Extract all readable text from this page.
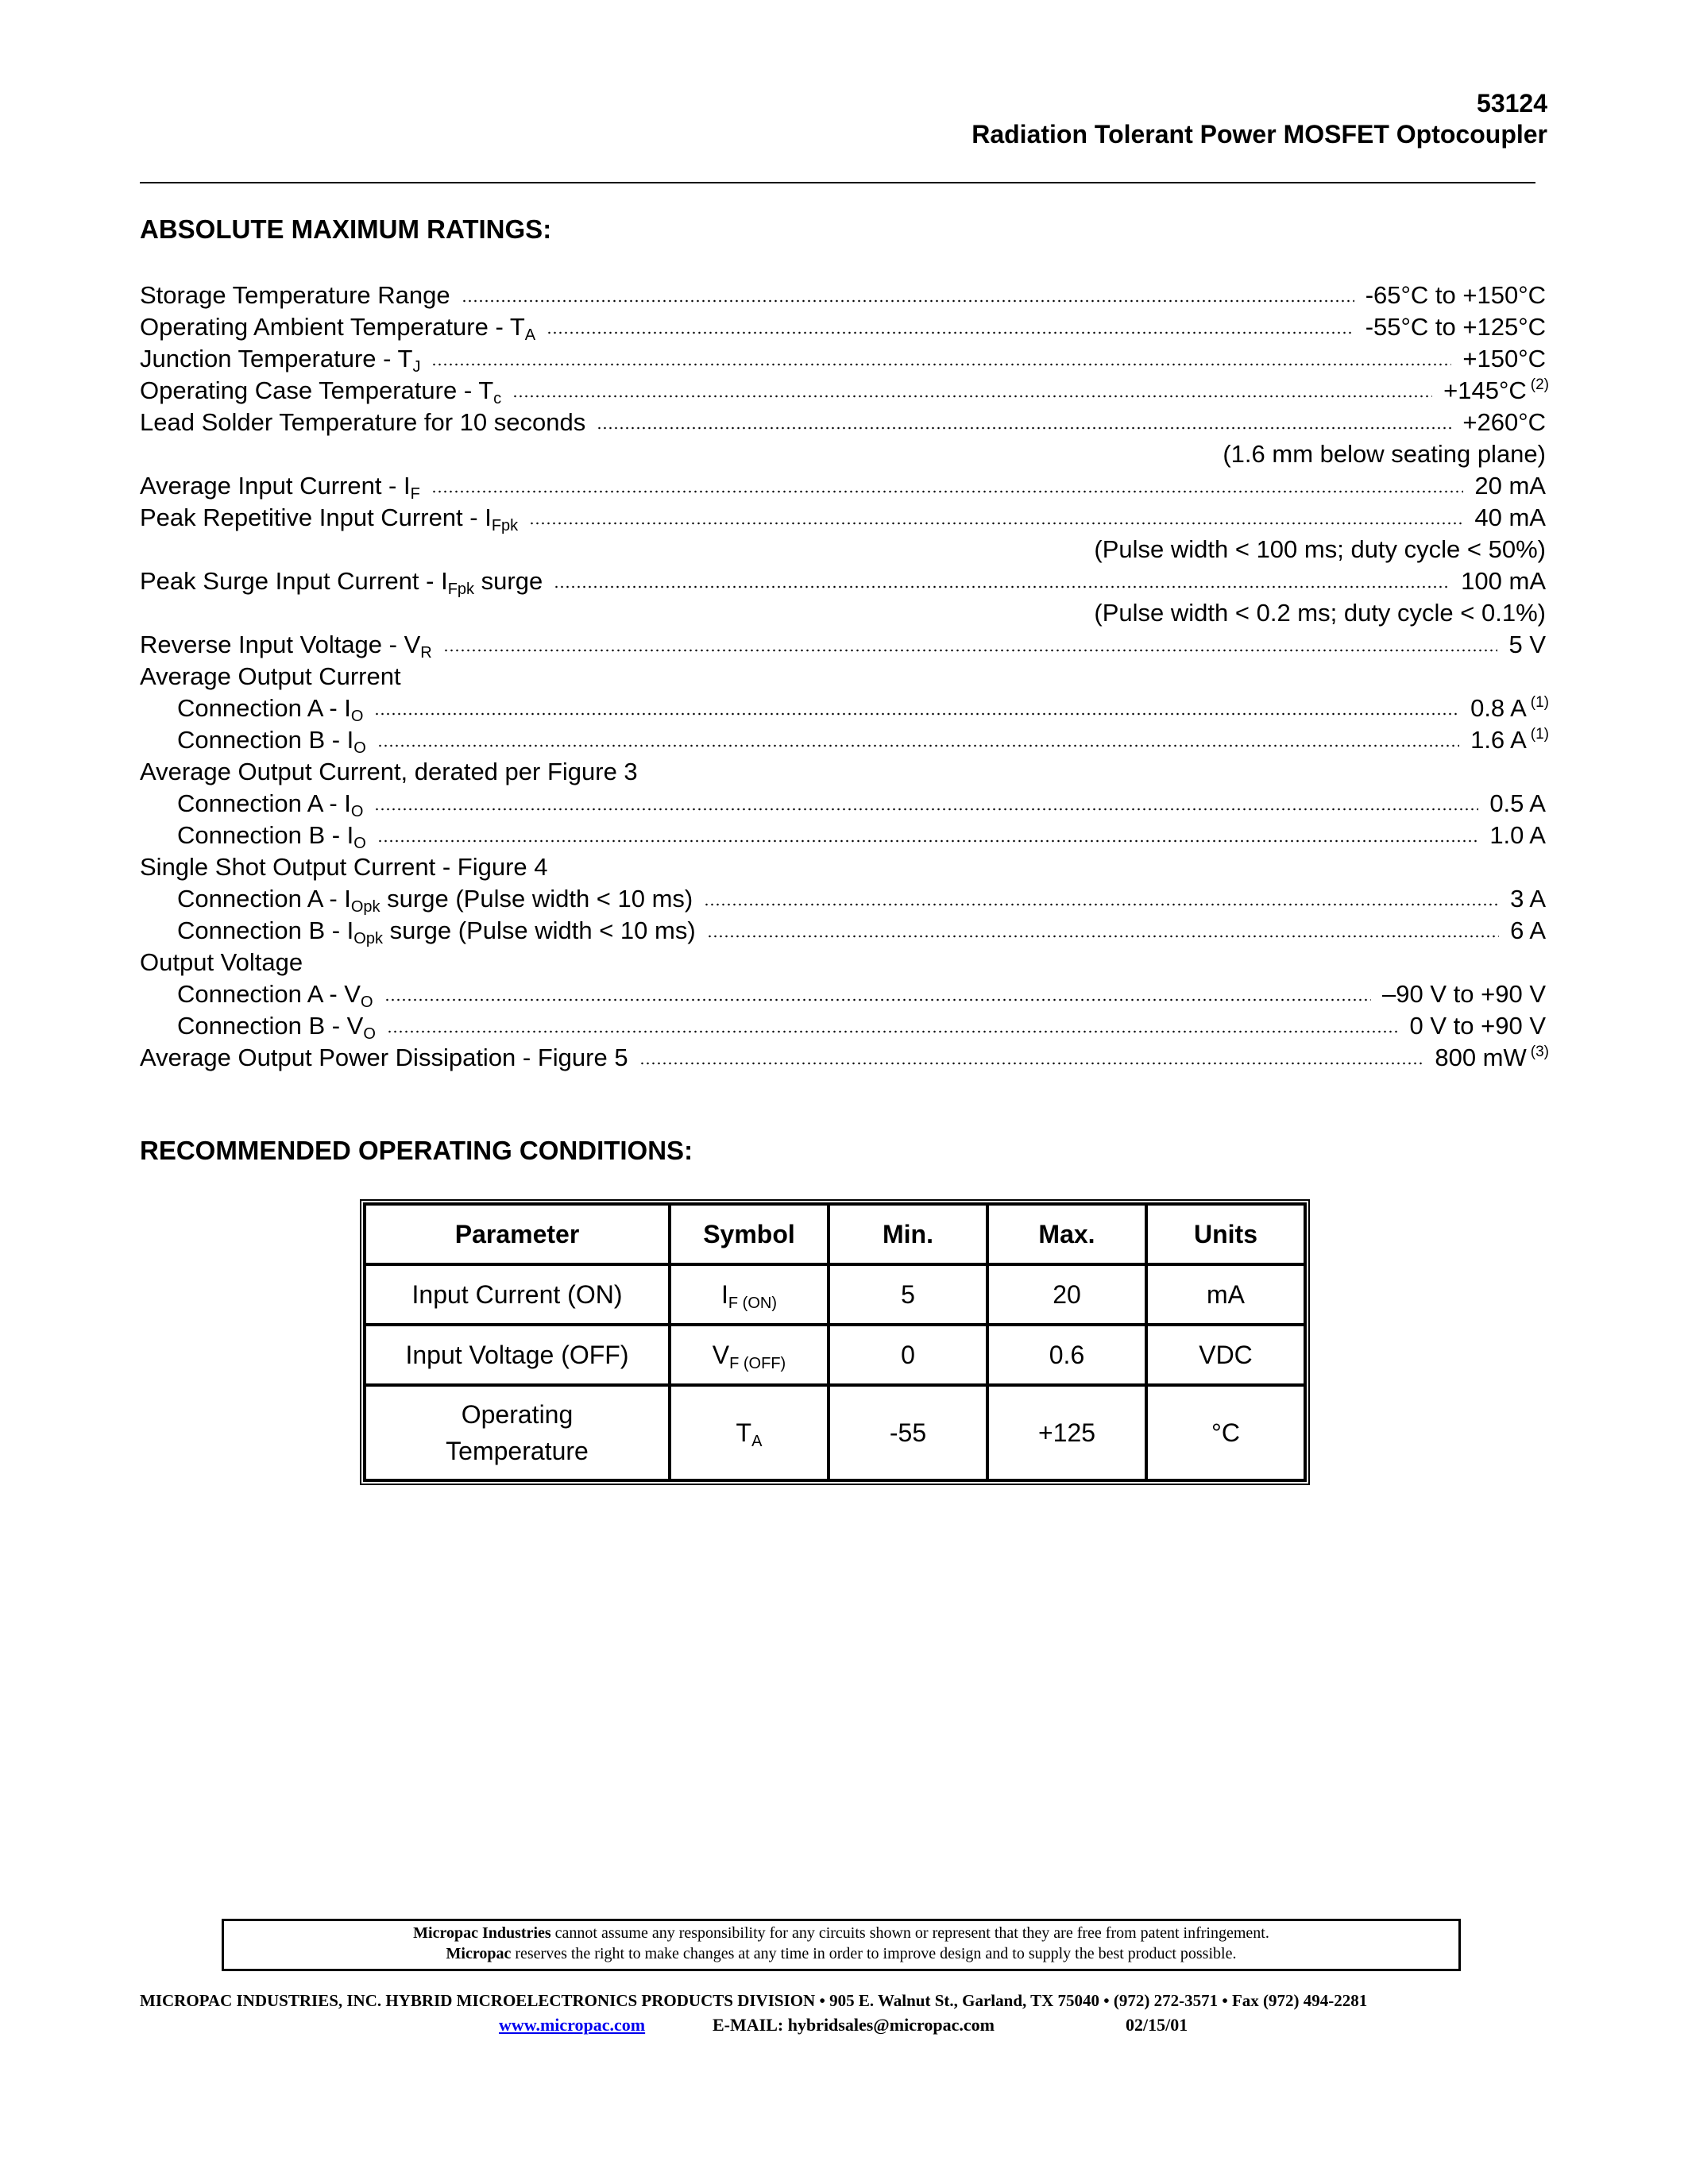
53124
Radiation Tolerant Power MOSFET Optocoupler
ABSOLUTE MAXIMUM RATINGS:
Storage Temperature Range	-65°C to +150°C
Operating Ambient Temperature - $T_A$	-55°C to +125°C
Junction Temperature - $T_J$	+150°C
Operating Case Temperature - $T_c$	+145°C $^{(2)}$
Lead Solder Temperature for 10 seconds	+260°C
(1.6 mm below seating plane)
Average Input Current - $I_F$	20 mA
Peak Repetitive Input Current - $I_{Fpk}$	40 mA
(Pulse width < 100 ms; duty cycle < 50%)
Peak Surge Input Current - $I_{Fpk}$ surge	100 mA
(Pulse width < 0.2 ms; duty cycle < 0.1%)
Reverse Input Voltage - $V_R$	5 V
Average Output Current
Connection A - $I_O$	0.8 A $^{(1)}$
Connection B - $I_O$	1.6 A $^{(1)}$
Average Output Current, derated per Figure 3
Connection A - $I_O$	0.5 A
Connection B - $I_O$	1.0 A
Single Shot Output Current - Figure 4
Connection A - $I_{Opk}$ surge (Pulse width < 10 ms)	3 A
Connection B - $I_{Opk}$ surge (Pulse width < 10 ms)	6 A
Output Voltage
Connection A - $V_O$	–90 V to +90 V
Connection B - $V_O$	0 V to +90 V
Average Output Power Dissipation - Figure 5	800 mW $^{(3)}$
RECOMMENDED OPERATING CONDITIONS:
Parameter	Symbol	Min.	Max.	Units
Input Current (ON)	$I_{F (ON)}$	5	20	mA
Input Voltage (OFF)	$V_{F (OFF)}$	0	0.6	VDC

Operating Temperature	$T_A$	-55	+125	°C
Micropac Industries cannot assume any responsibility for any circuits shown or represent that they are free from patent infringement.
Micropac reserves the right to make changes at any time in order to improve design and to supply the best product possible.
MICROPAC INDUSTRIES, INC. HYBRID MICROELECTRONICS PRODUCTS DIVISION • 905 E. Walnut St., Garland, TX 75040 • (972) 272-3571 • Fax (972) 494-2281
www.micropac.com	E-MAIL: hybridsales@micropac.com	02/15/01
